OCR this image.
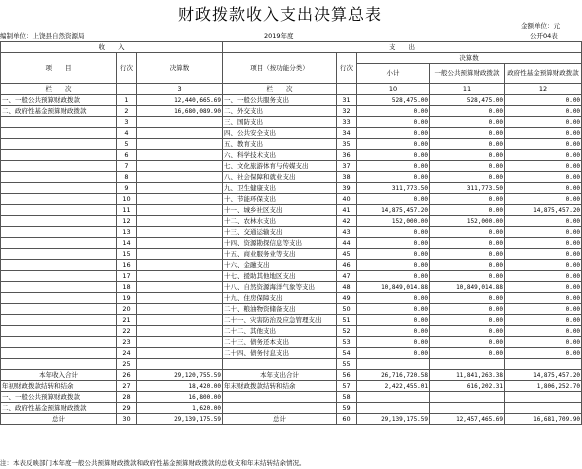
财政拨款收入支出决算总表
金额单位：元
编制单位：上饶县自然资源局	2019年度	公开04表
收　　入			支　　出				
项　　目	行次	决算数	项目（按功能分类）	行次	决算数		
					小计	一般公共预算财政拨款	政府性基金预算财政拨款
栏　　次		3	栏　　次		10	11	12
一、一般公共预算财政拨款	1	12,440,665.69	一、一般公共服务支出	31	528,475.00	528,475.00	0.00
二、政府性基金预算财政拨款	2	16,680,089.90	二、外交支出	32	0.00	0.00	0.00
	3		三、国防支出	33	0.00	0.00	0.00
	4		四、公共安全支出	34	0.00	0.00	0.00
	5		五、教育支出	35	0.00	0.00	0.00
	6		六、科学技术支出	36	0.00	0.00	0.00
	7		七、文化旅游体育与传媒支出	37	0.00	0.00	0.00
	8		八、社会保障和就业支出	38	0.00	0.00	0.00
	9		九、卫生健康支出	39	311,773.50	311,773.50	0.00
	10		十、节能环保支出	40	0.00	0.00	0.00
	11		十一、城乡社区支出	41	14,875,457.20	0.00	14,875,457.20
	12		十二、农林水支出	42	152,000.00	152,000.00	0.00
	13		十三、交通运输支出	43	0.00	0.00	0.00
	14		十四、资源勘探信息等支出	44	0.00	0.00	0.00
	15		十五、商业服务业等支出	45	0.00	0.00	0.00
	16		十六、金融支出	46	0.00	0.00	0.00
	17		十七、援助其他地区支出	47	0.00	0.00	0.00
	18		十八、自然资源海洋气象等支出	48	10,849,014.88	10,849,014.88	0.00
	19		十九、住房保障支出	49	0.00	0.00	0.00
	20		二十、粮油物资储备支出	50	0.00	0.00	0.00
	21		二十一、灾害防治及应急管理支出	51	0.00	0.00	0.00
	22		二十二、其他支出	52	0.00	0.00	0.00
	23		二十三、债务还本支出	53	0.00	0.00	0.00
	24		二十四、债务付息支出	54	0.00	0.00	0.00
	25			55			
本年收入合计	26	29,120,755.59	本年支出合计	56	26,716,720.58	11,841,263.38	14,875,457.20
年初财政拨款结转和结余	27	18,420.00	年末财政拨款结转和结余	57	2,422,455.01	616,202.31	1,806,252.70
一、一般公共预算财政拨款	28	16,800.00		58			
二、政府性基金预算财政拨款	29	1,620.00		59			
总计	30	29,139,175.59	总计	60	29,139,175.59	12,457,465.69	16,681,709.90
注：本表反映部门本年度一般公共预算财政拨款和政府性基金预算财政拨款的总收支和年末结转结余情况。
